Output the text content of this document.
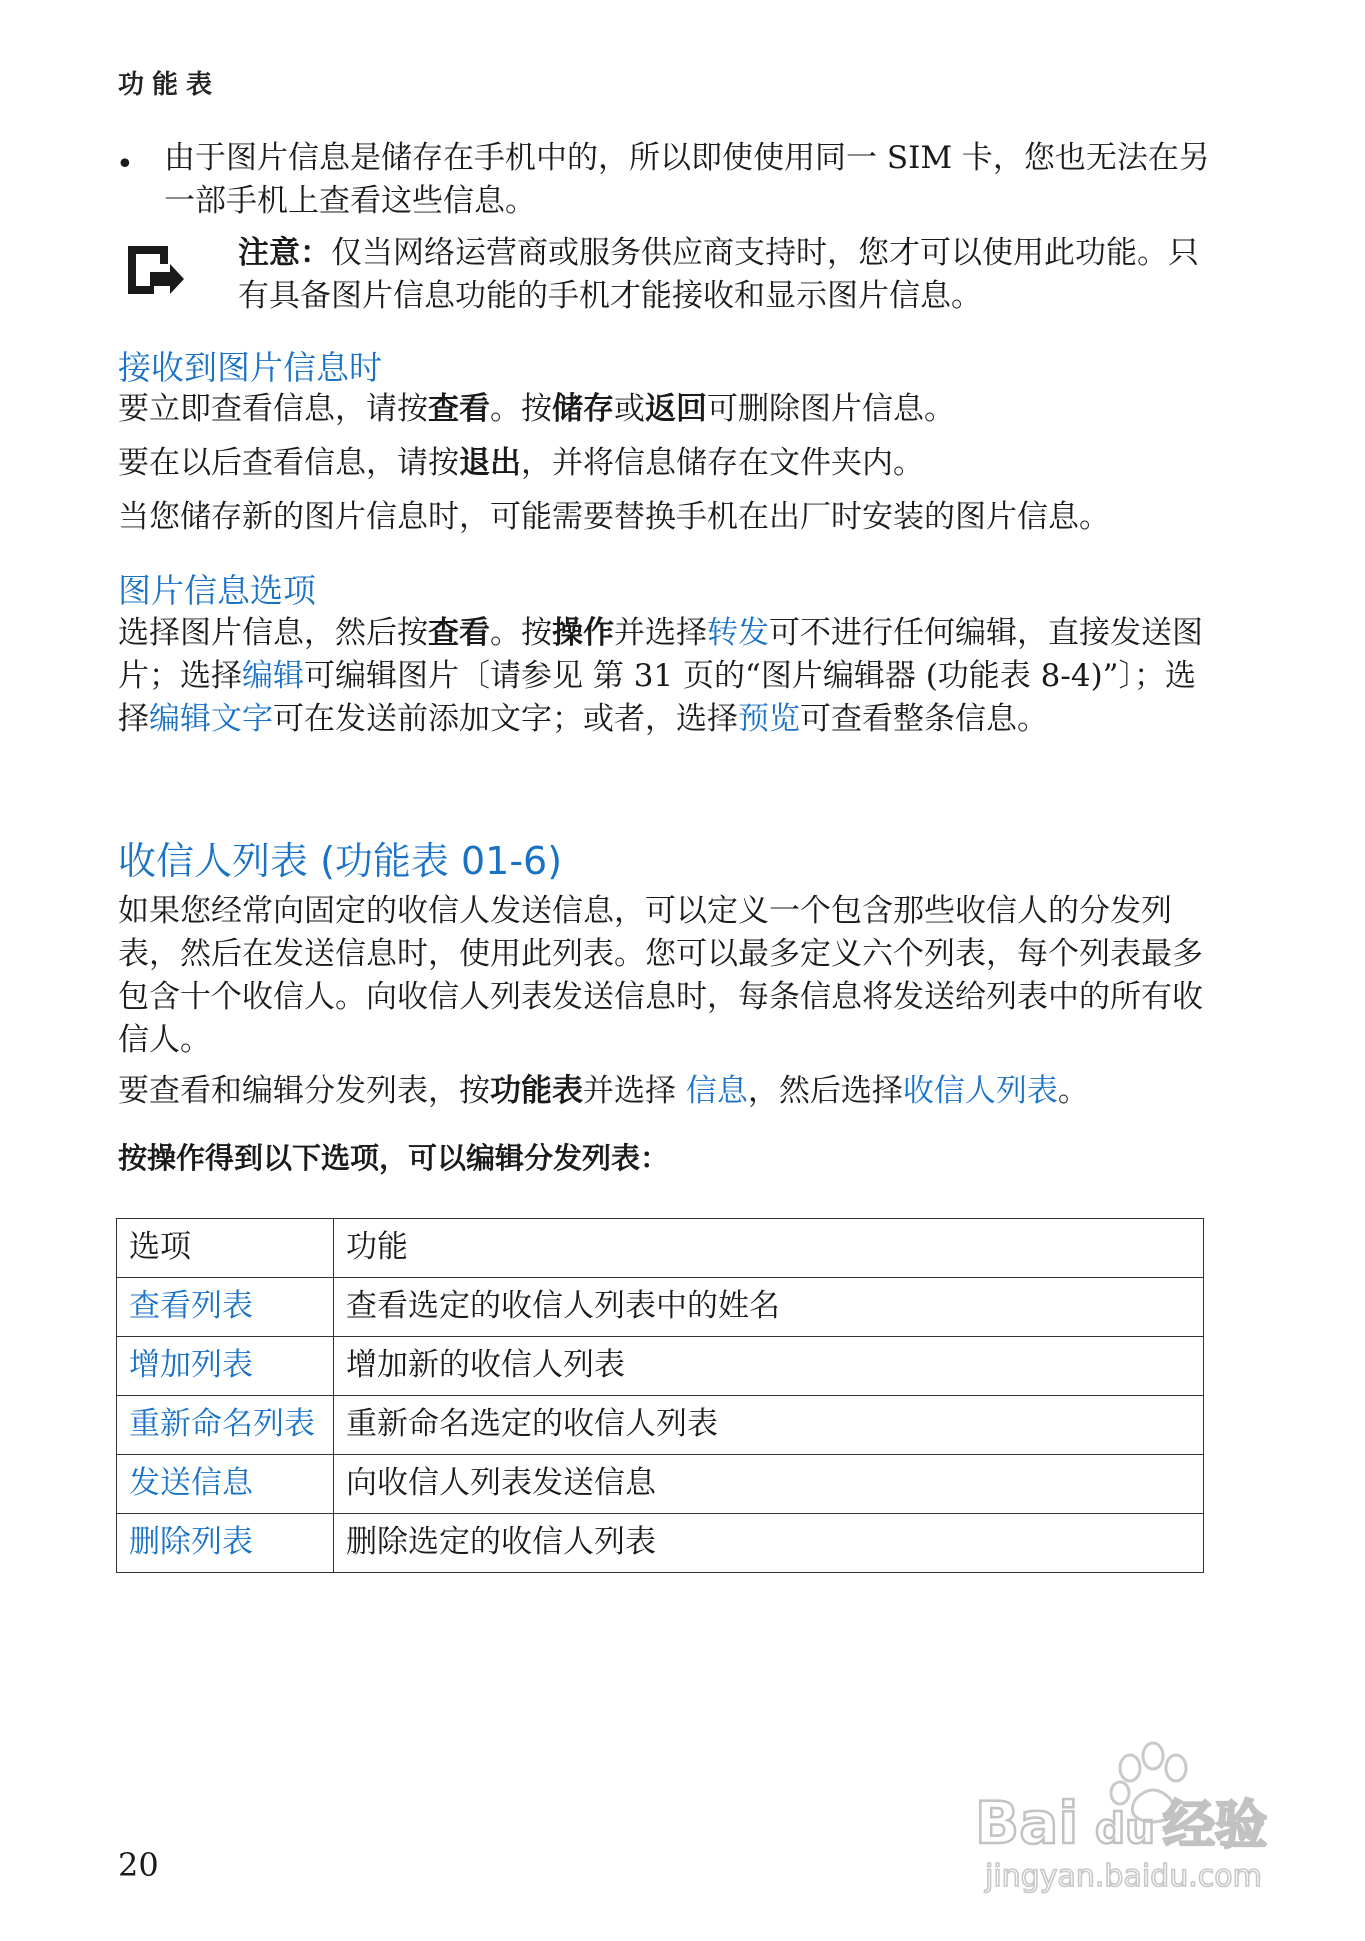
功能表
• 由于图片信息是储存在手机中的，所以即使使用同一 SIM 卡，您也无法在另一部手机上查看这些信息。
注意：仅当网络运营商或服务供应商支持时，您才可以使用此功能。只有具备图片信息功能的手机才能接收和显示图片信息。
接收到图片信息时
要立即查看信息，请按查看。按储存或返回可删除图片信息。
要在以后查看信息，请按退出，并将信息储存在文件夹内。
当您储存新的图片信息时，可能需要替换手机在出厂时安装的图片信息。
图片信息选项
选择图片信息，然后按查看。按操作并选择转发可不进行任何编辑，直接发送图片；选择编辑可编辑图片〔请参见 第 31 页的“图片编辑器 (功能表 8-4)”〕；选择编辑文字可在发送前添加文字；或者，选择预览可查看整条信息。
收信人列表 (功能表 01-6)
如果您经常向固定的收信人发送信息，可以定义一个包含那些收信人的分发列表，然后在发送信息时，使用此列表。您可以最多定义六个列表，每个列表最多包含十个收信人。向收信人列表发送信息时，每条信息将发送给列表中的所有收信人。
要查看和编辑分发列表，按功能表并选择 信息，然后选择收信人列表。
按操作得到以下选项，可以编辑分发列表：
选项	功能
查看列表	查看选定的收信人列表中的姓名
增加列表	增加新的收信人列表
重新命名列表	重新命名选定的收信人列表
发送信息	向收信人列表发送信息
删除列表	删除选定的收信人列表
20
Bai du 经验
jingyan.baidu.com
